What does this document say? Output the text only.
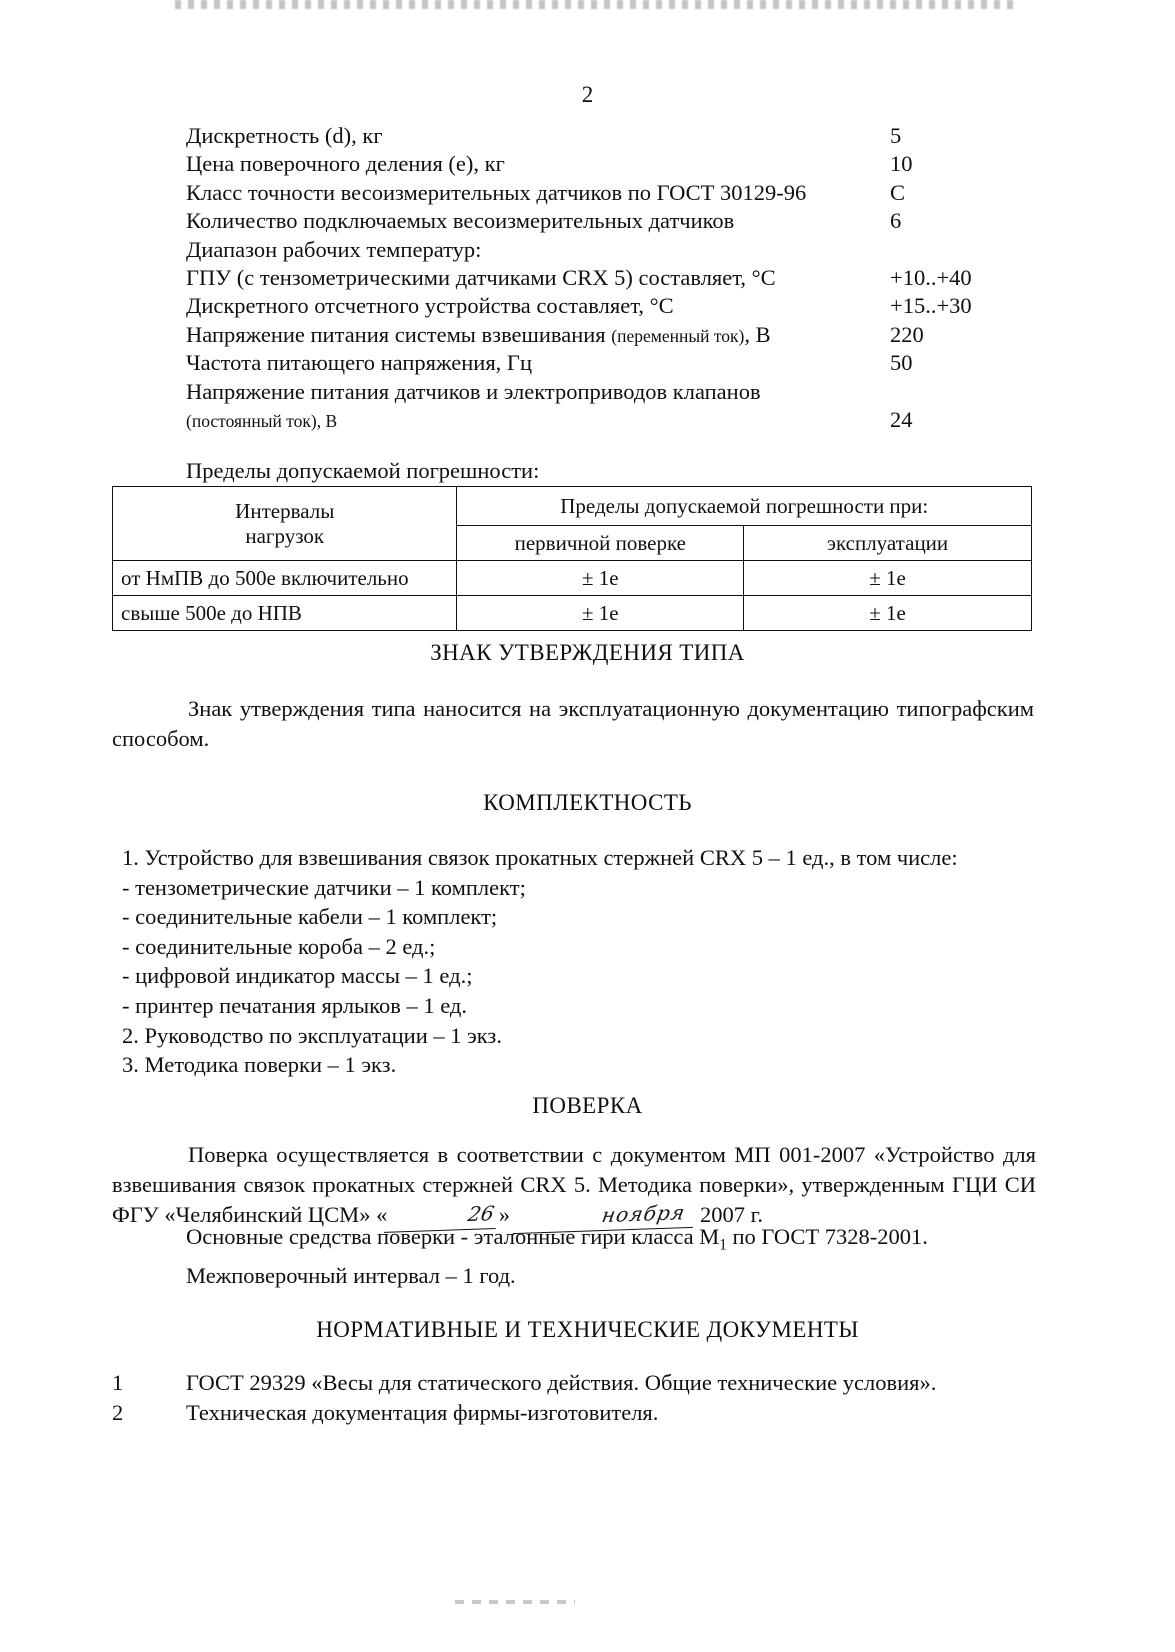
2
Дискретность (d), кг	5
Цена поверочного деления (e), кг	10
Класс точности весоизмерительных датчиков по ГОСТ 30129-96	С
Количество подключаемых весоизмерительных датчиков	6
Диапазон рабочих температур:
ГПУ (с тензометрическими датчиками CRX 5) составляет, °С	+10..+40
Дискретного отсчетного устройства составляет, °С	+15..+30
Напряжение питания системы взвешивания (переменный ток), В	220
Частота питающего напряжения, Гц	50
Напряжение питания датчиков и электроприводов клапанов
(постоянный ток), В	24
Пределы допускаемой погрешности:
Интервалы
нагрузок	Пределы допускаемой погрешности при:	
	первичной поверке	эксплуатации
от НмПВ до 500е включительно	± 1е	± 1е
свыше 500е до НПВ	± 1е	± 1е
ЗНАК УТВЕРЖДЕНИЯ ТИПА
Знак утверждения типа наносится на эксплуатационную документацию типографским способом.
КОМПЛЕКТНОСТЬ
1. Устройство для взвешивания связок прокатных стержней CRX 5 – 1 ед., в том числе:
- тензометрические датчики – 1 комплект;
- соединительные кабели – 1 комплект;
- соединительные короба – 2 ед.;
- цифровой индикатор массы – 1 ед.;
- принтер печатания ярлыков – 1 ед.
2. Руководство по эксплуатации – 1 экз.
3. Методика поверки – 1 экз.
ПОВЕРКА
Поверка осуществляется в соответствии с документом МП 001-2007 «Устройство для взвешивания связок прокатных стержней CRX 5. Методика поверки», утвержденным ГЦИ СИ ФГУ «Челябинский ЦСМ» «	26 »	ноября 2007 г.
Основные средства поверки - эталонные гири класса $М_1$ по ГОСТ 7328-2001.
Межповерочный интервал – 1 год.
НОРМАТИВНЫЕ И ТЕХНИЧЕСКИЕ ДОКУМЕНТЫ
1	ГОСТ 29329 «Весы для статического действия. Общие технические условия».
2	Техническая документация фирмы-изготовителя.
